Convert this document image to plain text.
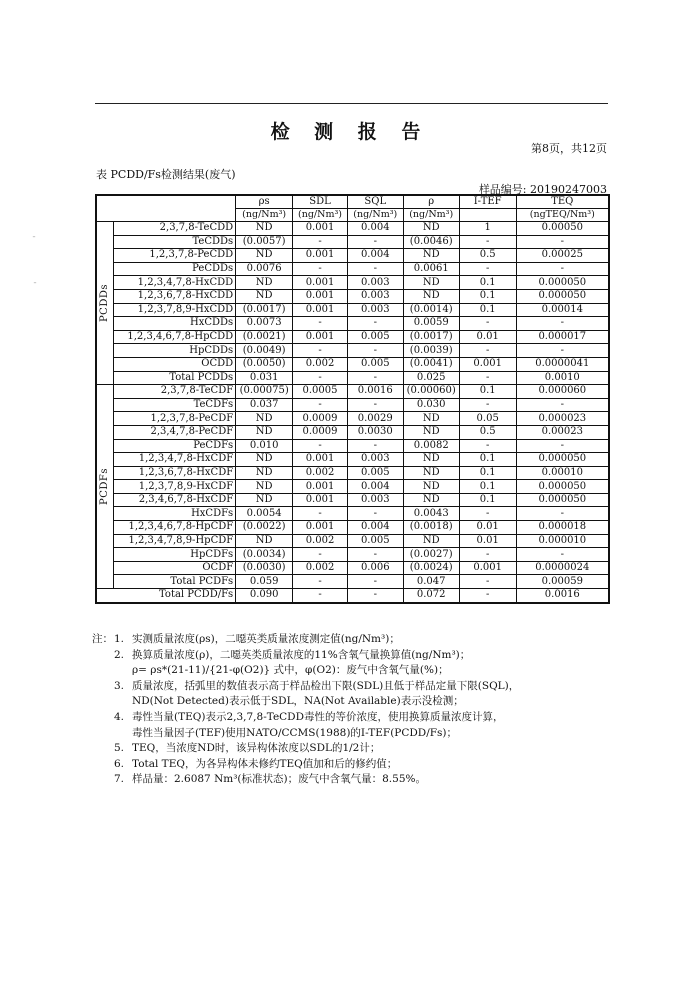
检 测 报 告
第8页，共12页
表 PCDD/Fs检测结果(废气)
样品编号: 20190247003
ˉ
ˉ
		ρs	SDL	SQL	ρ	I-TEF	TEQ
		(ng/Nm³)	(ng/Nm³)	(ng/Nm³)	(ng/Nm³)		(ngTEQ/Nm³)

PCDDs	2,3,7,8-TeCDD	ND	0.001	0.004	ND	1	0.00050
	TeCDDs	(0.0057)	-	-	(0.0046)	-	-
	1,2,3,7,8-PeCDD	ND	0.001	0.004	ND	0.5	0.00025
	PeCDDs	0.0076	-	-	0.0061	-	-
	1,2,3,4,7,8-HxCDD	ND	0.001	0.003	ND	0.1	0.000050
	1,2,3,6,7,8-HxCDD	ND	0.001	0.003	ND	0.1	0.000050
	1,2,3,7,8,9-HxCDD	(0.0017)	0.001	0.003	(0.0014)	0.1	0.00014
	HxCDDs	0.0073	-	-	0.0059	-	-
	1,2,3,4,6,7,8-HpCDD	(0.0021)	0.001	0.005	(0.0017)	0.01	0.000017
	HpCDDs	(0.0049)	-	-	(0.0039)	-	-
	OCDD	(0.0050)	0.002	0.005	(0.0041)	0.001	0.0000041
	Total PCDDs	0.031	-	-	0.025	-	0.0010

PCDFs	2,3,7,8-TeCDF	(0.00075)	0.0005	0.0016	(0.00060)	0.1	0.000060
	TeCDFs	0.037	-	-	0.030	-	-
	1,2,3,7,8-PeCDF	ND	0.0009	0.0029	ND	0.05	0.000023
	2,3,4,7,8-PeCDF	ND	0.0009	0.0030	ND	0.5	0.00023
	PeCDFs	0.010	-	-	0.0082	-	-
	1,2,3,4,7,8-HxCDF	ND	0.001	0.003	ND	0.1	0.000050
	1,2,3,6,7,8-HxCDF	ND	0.002	0.005	ND	0.1	0.00010
	1,2,3,7,8,9-HxCDF	ND	0.001	0.004	ND	0.1	0.000050
	2,3,4,6,7,8-HxCDF	ND	0.001	0.003	ND	0.1	0.000050
	HxCDFs	0.0054	-	-	0.0043	-	-
	1,2,3,4,6,7,8-HpCDF	(0.0022)	0.001	0.004	(0.0018)	0.01	0.000018
	1,2,3,4,7,8,9-HpCDF	ND	0.002	0.005	ND	0.01	0.000010
	HpCDFs	(0.0034)	-	-	(0.0027)	-	-
	OCDF	(0.0030)	0.002	0.006	(0.0024)	0.001	0.0000024
	Total PCDFs	0.059	-	-	0.047	-	0.00059
Total PCDD/Fs		0.090	-	-	0.072	-	0.0016
注： 1. 实测质量浓度(ρs)，二噁英类质量浓度测定值(ng/Nm³)；
2. 换算质量浓度(ρ)，二噁英类质量浓度的11%含氧气量换算值(ng/Nm³)；
ρ= ρs*(21-11)/{21-φ(O2)} 式中，φ(O2)：废气中含氧气量(%)；
3. 质量浓度，括弧里的数值表示高于样品检出下限(SDL)且低于样品定量下限(SQL)，
ND(Not Detected)表示低于SDL，NA(Not Available)表示没检测；
4. 毒性当量(TEQ)表示2,3,7,8-TeCDD毒性的等价浓度，使用换算质量浓度计算，
毒性当量因子(TEF)使用NATO/CCMS(1988)的I-TEF(PCDD/Fs)；
5. TEQ，当浓度ND时，该异构体浓度以SDL的1/2计；
6. Total TEQ，为各异构体未修约TEQ值加和后的修约值；
7. 样品量：2.6087 Nm³(标准状态)；废气中含氧气量：8.55%。
